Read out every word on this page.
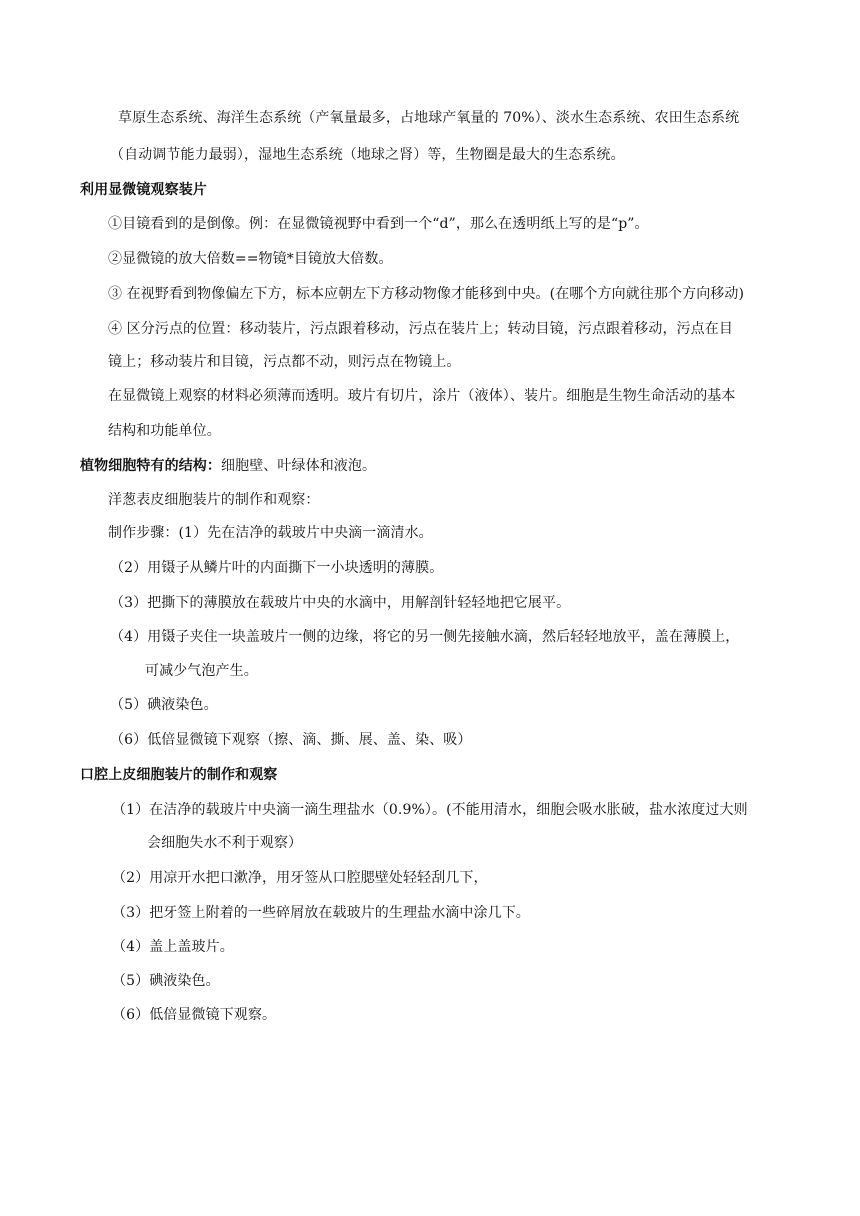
草原生态系统、海洋生态系统（产氧量最多，占地球产氧量的 70%）、淡水生态系统、农田生态系统
（自动调节能力最弱），湿地生态系统（地球之肾）等，生物圈是最大的生态系统。
利用显微镜观察装片
①目镜看到的是倒像。例：在显微镜视野中看到一个“d”，那么在透明纸上写的是“p”。
②显微镜的放大倍数==物镜*目镜放大倍数。
③ 在视野看到物像偏左下方，标本应朝左下方移动物像才能移到中央。(在哪个方向就往那个方向移动)
④ 区分污点的位置：移动装片，污点跟着移动，污点在装片上；转动目镜，污点跟着移动，污点在目
镜上；移动装片和目镜，污点都不动，则污点在物镜上。
在显微镜上观察的材料必须薄而透明。玻片有切片，涂片（液体）、装片。细胞是生物生命活动的基本
结构和功能单位。
植物细胞特有的结构：细胞壁、叶绿体和液泡。
洋葱表皮细胞装片的制作和观察：
制作步骤：(1）先在洁净的载玻片中央滴一滴清水。
（2）用镊子从鳞片叶的内面撕下一小块透明的薄膜。
（3）把撕下的薄膜放在载玻片中央的水滴中，用解剖针轻轻地把它展平。
（4）用镊子夹住一块盖玻片一侧的边缘，将它的另一侧先接触水滴，然后轻轻地放平，盖在薄膜上，
可减少气泡产生。
（5）碘液染色。
（6）低倍显微镜下观察（擦、滴、撕、展、盖、染、吸）
口腔上皮细胞装片的制作和观察
（1）在洁净的载玻片中央滴一滴生理盐水（0.9%）。(不能用清水，细胞会吸水胀破，盐水浓度过大则
会细胞失水不利于观察）
（2）用凉开水把口漱净，用牙签从口腔腮壁处轻轻刮几下，
（3）把牙签上附着的一些碎屑放在载玻片的生理盐水滴中涂几下。
（4）盖上盖玻片。
（5）碘液染色。
（6）低倍显微镜下观察。
